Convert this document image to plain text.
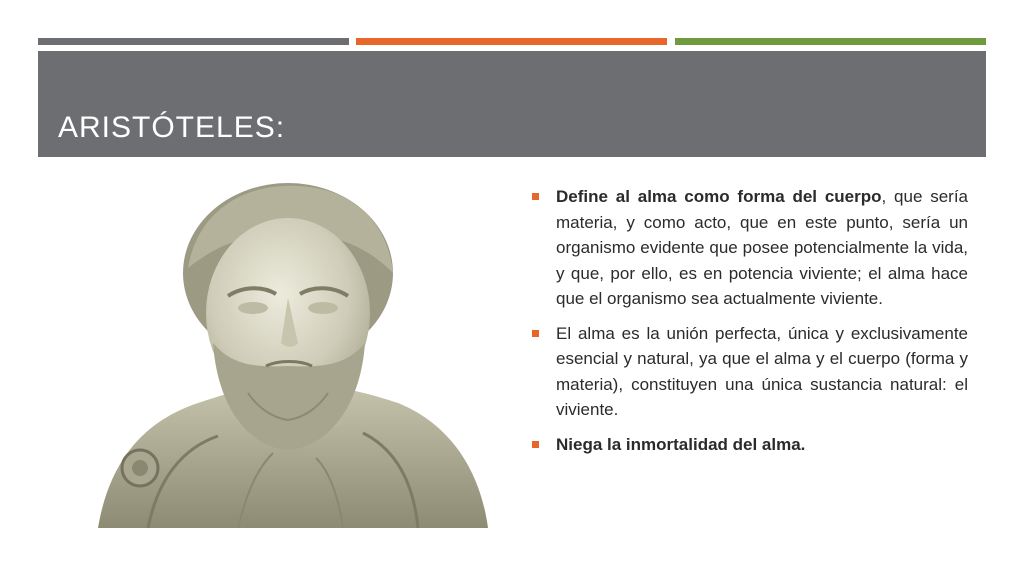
ARISTÓTELES:
Define al alma como forma del cuerpo, que sería materia, y como acto, que en este punto, sería un organismo evidente que posee potencialmente la vida, y que, por ello, es en potencia viviente; el alma hace que el organismo sea actualmente viviente.
El alma es la unión perfecta, única y exclusivamente esencial y natural, ya que el alma y el cuerpo (forma y materia), constituyen una única sustancia natural: el viviente.
Niega la inmortalidad del alma.
